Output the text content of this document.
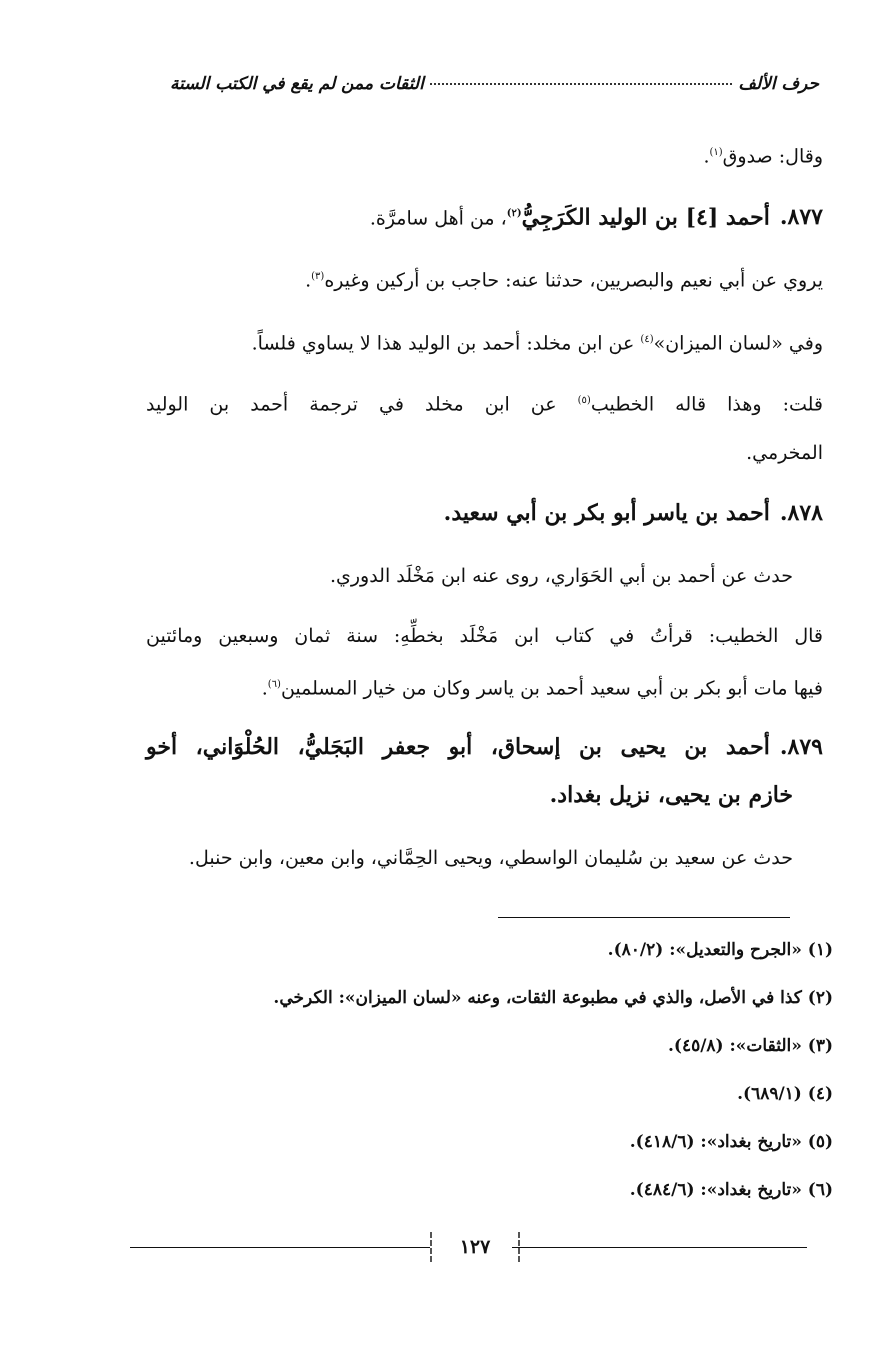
حرف الألف
الثقات ممن لم يقع في الكتب الستة
وقال: صدوق$^{(١)}$.
٨٧٧.أحمد [٤] بن الوليد الكَرَجِيُّ$^{(٢)}$، من أهل سامرَّة.
يروي عن أبي نعيم والبصريين، حدثنا عنه: حاجب بن أركين وغيره$^{(٣)}$.
وفي «لسان الميزان»$^{(٤)}$ عن ابن مخلد: أحمد بن الوليد هذا لا يساوي فلساً.
قلت: وهذا قاله الخطيب$^{(٥)}$ عن ابن مخلد في ترجمة أحمد بن الوليد
المخرمي.
٨٧٨.أحمد بن ياسر أبو بكر بن أبي سعيد.
حدث عن أحمد بن أبي الحَوَاري، روى عنه ابن مَخْلَد الدوري.
قال الخطيب: قرأتُ في كتاب ابن مَخْلَد بخطِّهِ: سنة ثمان وسبعين ومائتين
فيها مات أبو بكر بن أبي سعيد أحمد بن ياسر وكان من خيار المسلمين$^{(٦)}$.
٨٧٩.أحمد بن يحيى بن إسحاق، أبو جعفر البَجَليُّ، الحُلْوَاني، أخو
خازم بن يحيى، نزيل بغداد.
حدث عن سعيد بن سُليمان الواسطي، ويحيى الحِمَّاني، وابن معين، وابن حنبل.
(١) «الجرح والتعديل»: (٨٠/٢).
(٢) كذا في الأصل، والذي في مطبوعة الثقات، وعنه «لسان الميزان»: الكرخي.
(٣) «الثقات»: (٤٥/٨).
(٤) (٦٨٩/١).
(٥) «تاريخ بغداد»: (٤١٨/٦).
(٦) «تاريخ بغداد»: (٤٨٤/٦).
١٢٧
